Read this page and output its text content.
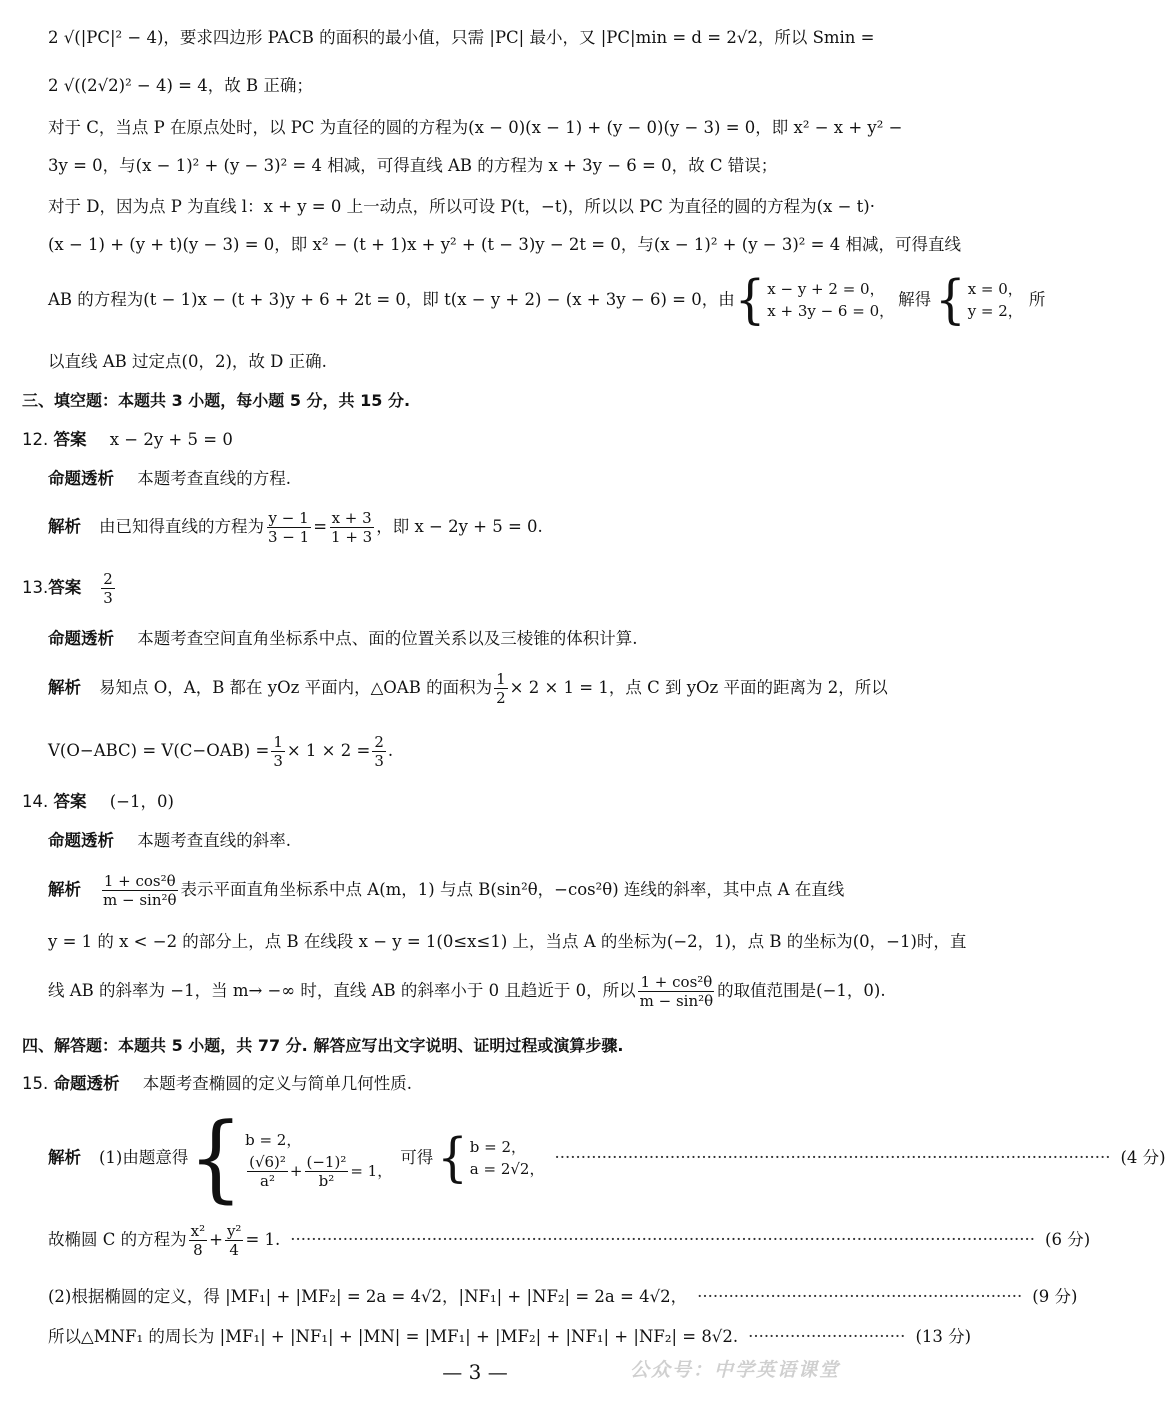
2 √(|PC|² − 4)，要求四边形 PACB 的面积的最小值，只需 |PC| 最小，又 |PC|min = d = 2√2，所以 Smin =
2 √((2√2)² − 4) = 4，故 B 正确；
对于 C，当点 P 在原点处时，以 PC 为直径的圆的方程为(x − 0)(x − 1) + (y − 0)(y − 3) = 0，即 x² − x + y² −
3y = 0，与(x − 1)² + (y − 3)² = 4 相减，可得直线 AB 的方程为 x + 3y − 6 = 0，故 C 错误；
对于 D，因为点 P 为直线 l：x + y = 0 上一动点，所以可设 P(t，−t)，所以以 PC 为直径的圆的方程为(x − t)·
(x − 1) + (y + t)(y − 3) = 0，即 x² − (t + 1)x + y² + (t − 3)y − 2t = 0，与(x − 1)² + (y − 3)² = 4 相减，可得直线
AB 的方程为(t − 1)x − (t + 3)y + 6 + 2t = 0，即 t(x − y + 2) − (x + 3y − 6) = 0，由 { x − y + 2 = 0，
x + 3y − 6 = 0，
解得 { x = 0，
y = 2，
所
以直线 AB 过定点(0，2)，故 D 正确.
三、填空题：本题共 3 小题，每小题 5 分，共 15 分.
12. 答案 x − 2y + 5 = 0
命题透析 本题考查直线的方程.
解析 由已知得直线的方程为 $\frac{y - 1}{3 - 1} = \frac{x + 3}{1 + 3}$ ，即 x − 2y + 5 = 0.
13. 答案 $\frac{2}{3}$
命题透析 本题考查空间直角坐标系中点、面的位置关系以及三棱锥的体积计算.
解析 易知点 O，A，B 都在 yOz 平面内，△OAB 的面积为 $\frac{1}{2} \times 2 \times 1 = 1$，点 C 到 yOz 平面的距离为 2，所以
$V(O-ABC) = V(C-OAB) = \frac{1}{3} \times 1 \times 2 = \frac{2}{3}$ .
14. 答案 (−1，0)
命题透析 本题考查直线的斜率.
解析 $\frac{\text{1 + cos²θ}}{\text{m − sin²θ}}$ 表示平面直角坐标系中点 A(m，1) 与点 B(sin²θ，−cos²θ) 连线的斜率，其中点 A 在直线
y = 1 的 x < −2 的部分上，点 B 在线段 x − y = 1(0≤x≤1) 上，当点 A 的坐标为(−2，1)，点 B 的坐标为(0，−1)时，直
线 AB 的斜率为 −1，当 m→ −∞ 时，直线 AB 的斜率小于 0 且趋近于 0，所以 $\frac{\text{1 + cos²θ}}{\text{m − sin²θ}}$ 的取值范围是(−1，0).
四、解答题：本题共 5 小题，共 77 分. 解答应写出文字说明、证明过程或演算步骤.
15. 命题透析 本题考查椭圆的定义与简单几何性质.
解析 (1)由题意得 { b = 2，
$\frac{\text{(√6)²}}{\text{a²}} + \frac{\text{(−1)²}}{\text{b²}} = 1$，
可得 { b = 2，
a = 2√2，
·········································································································· (4 分)
故椭圆 C 的方程为 $\frac{\text{x²}}{8} + \frac{\text{y²}}{4} = 1$. ·············································································································································· (6 分)
(2)根据椭圆的定义，得 |MF₁| + |MF₂| = 2a = 4√2，|NF₁| + |NF₂| = 2a = 4√2， ······························································ (9 分)
所以△MNF₁ 的周长为 |MF₁| + |NF₁| + |MN| = |MF₁| + |MF₂| + |NF₁| + |NF₂| = 8√2. ······························ (13 分)
— 3 —	公众号：中学英语课堂
